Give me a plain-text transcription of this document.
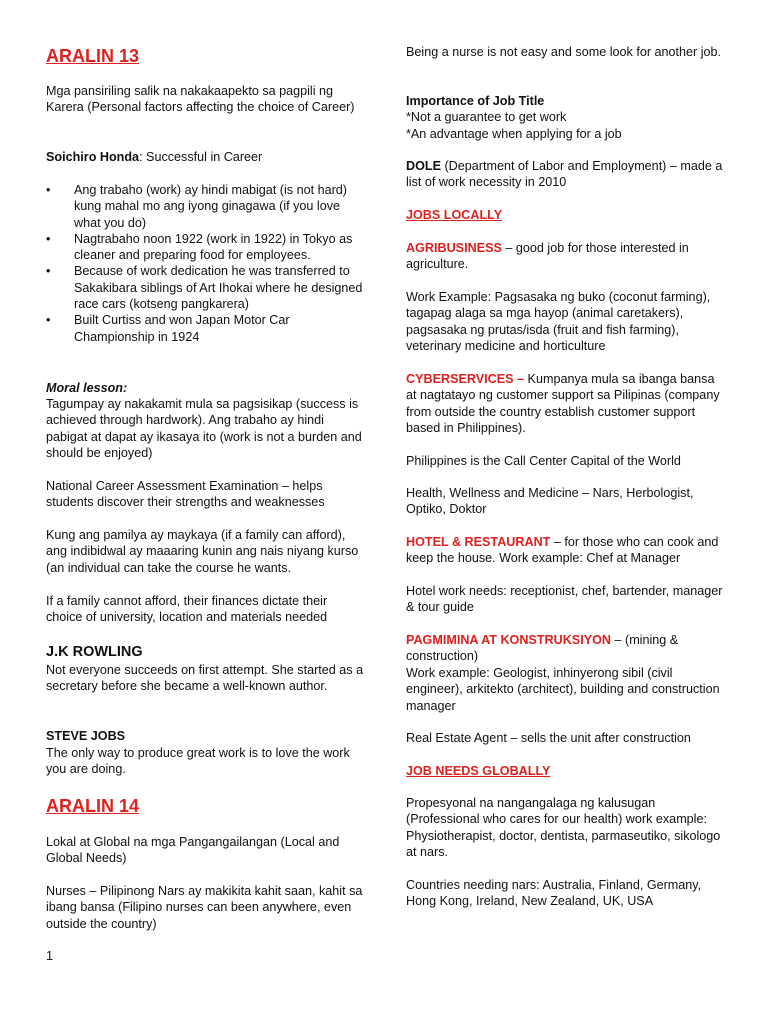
ARALIN 13
Mga pansiriling salik na nakakaapekto sa pagpili ng Karera (Personal factors affecting the choice of Career)
Soichiro Honda: Successful in Career
• Ang trabaho (work) ay hindi mabigat (is not hard) kung mahal mo ang iyong ginagawa (if you love what you do)
• Nagtrabaho noon 1922 (work in 1922) in Tokyo as cleaner and preparing food for employees.
• Because of work dedication he was transferred to Sakakibara siblings of Art Ihokai where he designed race cars (kotseng pangkarera)
• Built Curtiss and won Japan Motor Car Championship in 1924
Moral lesson:
Tagumpay ay nakakamit mula sa pagsisikap (success is achieved through hardwork). Ang trabaho ay hindi pabigat at dapat ay ikasaya ito (work is not a burden and should be enjoyed)
National Career Assessment Examination – helps students discover their strengths and weaknesses
Kung ang pamilya ay maykaya (if a family can afford), ang indibidwal ay maaaring kunin ang nais niyang kurso (an individual can take the course he wants.
If a family cannot afford, their finances dictate their choice of university, location and materials needed
J.K ROWLING
Not everyone succeeds on first attempt. She started as a secretary before she became a well-known author.
STEVE JOBS
The only way to produce great work is to love the work you are doing.
ARALIN 14
Lokal at Global na mga Pangangailangan (Local and Global Needs)
Nurses – Pilipinong Nars ay makikita kahit saan, kahit sa ibang bansa (Filipino nurses can been anywhere, even outside the country)
Being a nurse is not easy and some look for another job.
Importance of Job Title
*Not a guarantee to get work
*An advantage when applying for a job
DOLE (Department of Labor and Employment) – made a list of work necessity in 2010
JOBS LOCALLY
AGRIBUSINESS – good job for those interested in agriculture.
Work Example: Pagsasaka ng buko (coconut farming), tagapag alaga sa mga hayop (animal caretakers), pagsasaka ng prutas/isda (fruit and fish farming), veterinary medicine and horticulture
CYBERSERVICES – Kumpanya mula sa ibanga bansa at nagtatayo ng customer support sa Pilipinas (company from outside the country establish customer support based in Philippines).
Philippines is the Call Center Capital of the World
Health, Wellness and Medicine – Nars, Herbologist, Optiko, Doktor
HOTEL & RESTAURANT – for those who can cook and keep the house. Work example: Chef at Manager
Hotel work needs: receptionist, chef, bartender, manager & tour guide
PAGMIMINA AT KONSTRUKSIYON – (mining & construction)
Work example: Geologist, inhinyerong sibil (civil engineer), arkitekto (architect), building and construction manager
Real Estate Agent – sells the unit after construction
JOB NEEDS GLOBALLY
Propesyonal na nangangalaga ng kalusugan (Professional who cares for our health) work example: Physiotherapist, doctor, dentista, parmaseutiko, sikologo at nars.
Countries needing nars: Australia, Finland, Germany, Hong Kong, Ireland, New Zealand, UK, USA
1
